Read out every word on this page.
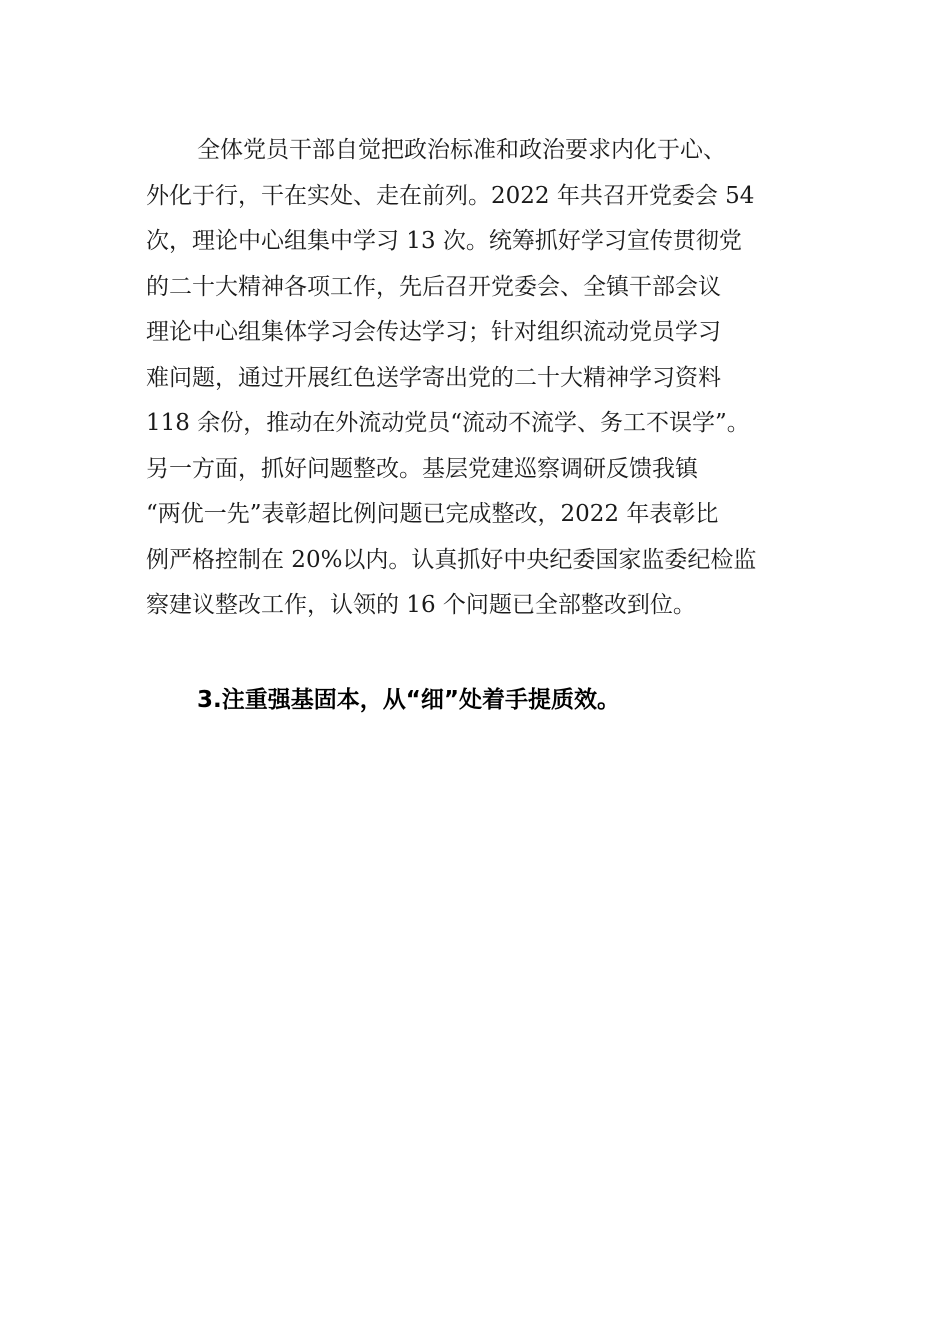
全体党员干部自觉把政治标准和政治要求内化于心、
外化于行，干在实处、走在前列。2022 年共召开党委会 54
次，理论中心组集中学习 13 次。统筹抓好学习宣传贯彻党
的二十大精神各项工作，先后召开党委会、全镇干部会议
理论中心组集体学习会传达学习；针对组织流动党员学习
难问题，通过开展红色送学寄出党的二十大精神学习资料
118 余份，推动在外流动党员“流动不流学、务工不误学”。
另一方面，抓好问题整改。基层党建巡察调研反馈我镇
“两优一先”表彰超比例问题已完成整改，2022 年表彰比
例严格控制在 20%以内。认真抓好中央纪委国家监委纪检监
察建议整改工作，认领的 16 个问题已全部整改到位。

3.注重强基固本，从“细”处着手提质效。
